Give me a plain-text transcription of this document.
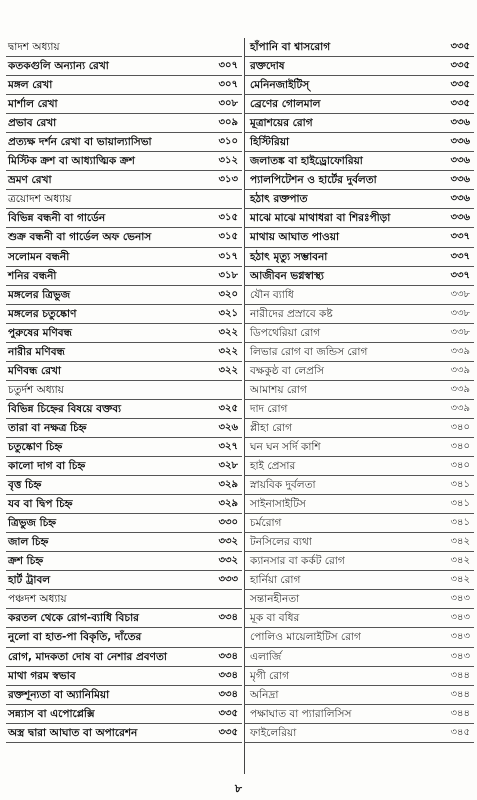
দ্বাদশ অধ্যায়
কতকগুলি অন্যান্য রেখা	৩০৭
মঙ্গল রেখা	৩০৭
মার্শাল রেখা	৩০৮
প্রভাব রেখা	৩০৯
প্রত্যক্ষ দর্শন রেখা বা ভায়াল্যাসিভা	৩১০
মিস্টিক ক্রশ বা আধ্যাত্মিক ক্রশ	৩১২
ভ্রমণ রেখা	৩১৩
ত্রয়োদশ অধ্যায়
বিভিন্ন বন্ধনী বা গার্ডেন	৩১৫
শুক্র বন্ধনী বা গার্ডেল অফ ভেনাস	৩১৫
সলোমন বন্ধনী	৩১৭
শনির বন্ধনী	৩১৮
মঙ্গলের ত্রিভুজ	৩২০
মঙ্গলের চতুষ্কোণ	৩২১
পুরুষের মণিবন্ধ	৩২২
নারীর মণিবন্ধ	৩২২
মণিবন্ধ রেখা	৩২২
চতুর্দশ অধ্যায়
বিভিন্ন চিহ্নের বিষয়ে বক্তব্য	৩২৫
তারা বা নক্ষত্র চিহ্ন	৩২৬
চতুষ্কোণ চিহ্ন	৩২৭
কালো দাগ বা চিহ্ন	৩২৮
বৃত্ত চিহ্ন	৩২৯
যব বা দ্বিপ চিহ্ন	৩২৯
ত্রিভুজ চিহ্ন	৩৩০
জাল চিহ্ন	৩৩২
ক্রশ চিহ্ন	৩৩২
হার্ট ট্রাবল	৩৩৩
পঞ্চদশ অধ্যায়
করতল থেকে রোগ-ব্যাধি বিচার	৩৩৪
নুলো বা হাত-পা বিকৃতি, দাঁতের
রোগ, মাদকতা দোষ বা নেশার প্রবণতা	৩৩৪
মাথা গরম স্বভাব	৩৩৪
রক্তশূন্যতা বা অ্যানিমিয়া	৩৩৪
সন্ন্যাস বা এপোপ্লেক্সি	৩৩৫
অস্ত্র দ্বারা আঘাত বা অপারেশন	৩৩৫
হাঁপানি বা শ্বাসরোগ	৩৩৫
রক্তদোষ	৩৩৫
মেনিনজাইটিস্	৩৩৫
ব্রেণের গোলমাল	৩৩৫
মূত্রাশয়ের রোগ	৩৩৬
হিস্টিরিয়া	৩৩৬
জলাতঙ্ক বা হাইড্রোফোরিয়া	৩৩৬
প্যালপিটেশন ও হার্টের দুর্বলতা	৩৩৬
হঠাৎ রক্তপাত	৩৩৬
মাঝে মাঝে মাথাধরা বা শিরঃপীড়া	৩৩৬
মাথায় আঘাত পাওয়া	৩৩৭
হঠাৎ মৃত্যু সম্ভাবনা	৩৩৭
আজীবন ভগ্নস্বাস্থ্য	৩৩৭
যৌন ব্যাধি	৩৩৮
নারীদের প্রস্রাবে কষ্ট	৩৩৮
ডিপথেরিয়া রোগ	৩৩৮
লিভার রোগ বা জন্ডিস রোগ	৩৩৯
বক্ষকুষ্ঠ বা লেপ্রসি	৩৩৯
আমাশয় রোগ	৩৩৯
দাদ রোগ	৩৩৯
প্লীহা রোগ	৩৪০
ঘন ঘন সর্দি কাশি	৩৪০
হাই প্রেসার	৩৪০
স্নায়বিক দুর্বলতা	৩৪১
সাইনাসাইটিস	৩৪১
চর্মরোগ	৩৪১
টনসিলের ব্যথা	৩৪২
ক্যানসার বা কর্কট রোগ	৩৪২
হার্নিয়া রোগ	৩৪২
সন্তানহীনতা	৩৪৩
মূক বা বধির	৩৪৩
পোলিও মায়েলাইটিস রোগ	৩৪৩
এলার্জি	৩৪৩
মৃগী রোগ	৩৪৪
অনিদ্রা	৩৪৪
পক্ষাঘাত বা প্যারালিসিস	৩৪৪
ফাইলেরিয়া	৩৪৫
৮
